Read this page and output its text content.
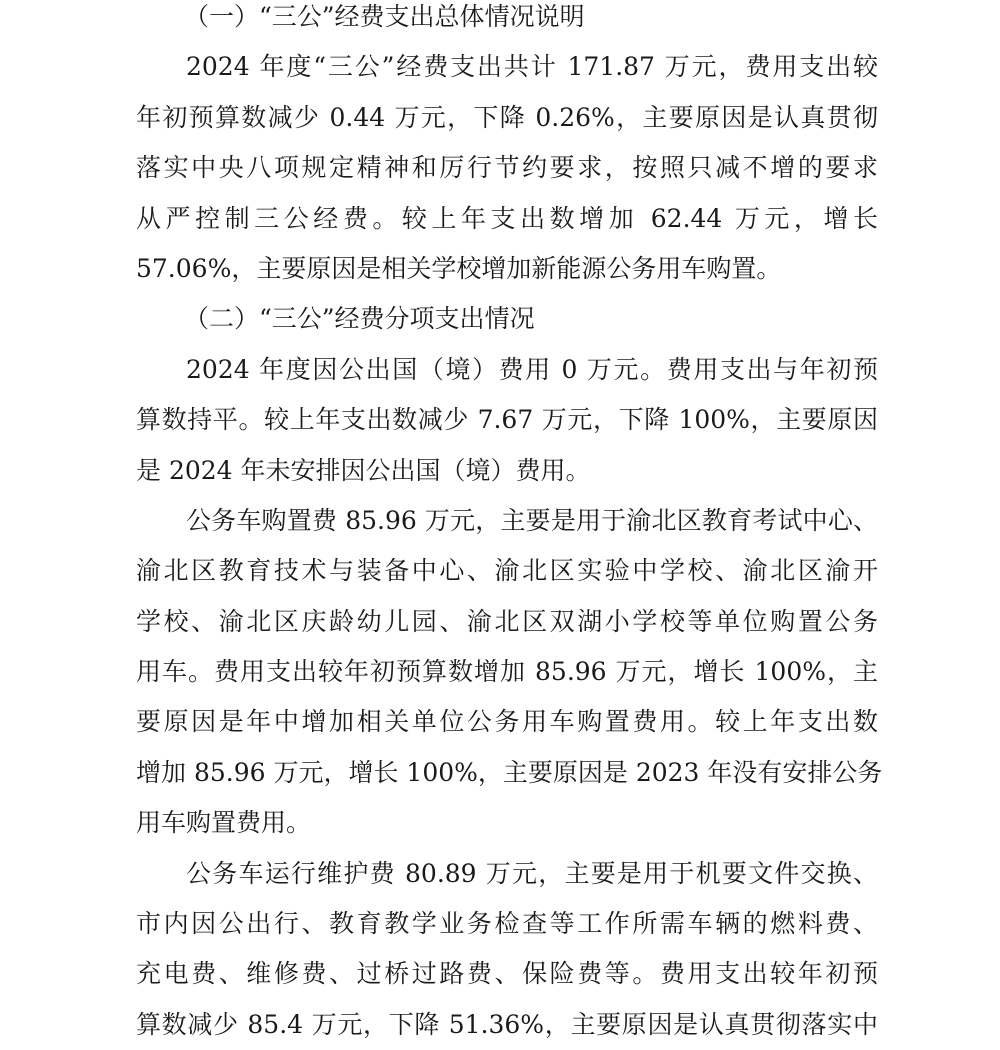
（一）“三公”经费支出总体情况说明
2024 年度“三公”经费支出共计 171.87 万元，费用支出较
年初预算数减少 0.44 万元，下降 0.26%，主要原因是认真贯彻
落实中央八项规定精神和厉行节约要求，按照只减不增的要求
从严控制三公经费。较上年支出数增加 62.44 万元，增长
57.06%，主要原因是相关学校增加新能源公务用车购置。
（二）“三公”经费分项支出情况
2024 年度因公出国（境）费用 0 万元。费用支出与年初预
算数持平。较上年支出数减少 7.67 万元，下降 100%，主要原因
是 2024 年未安排因公出国（境）费用。
公务车购置费 85.96 万元，主要是用于渝北区教育考试中心、
渝北区教育技术与装备中心、渝北区实验中学校、渝北区渝开
学校、渝北区庆龄幼儿园、渝北区双湖小学校等单位购置公务
用车。费用支出较年初预算数增加 85.96 万元，增长 100%，主
要原因是年中增加相关单位公务用车购置费用。较上年支出数
增加 85.96 万元，增长 100%，主要原因是 2023 年没有安排公务
用车购置费用。
公务车运行维护费 80.89 万元，主要是用于机要文件交换、
市内因公出行、教育教学业务检查等工作所需车辆的燃料费、
充电费、维修费、过桥过路费、保险费等。费用支出较年初预
算数减少 85.4 万元，下降 51.36%，主要原因是认真贯彻落实中
